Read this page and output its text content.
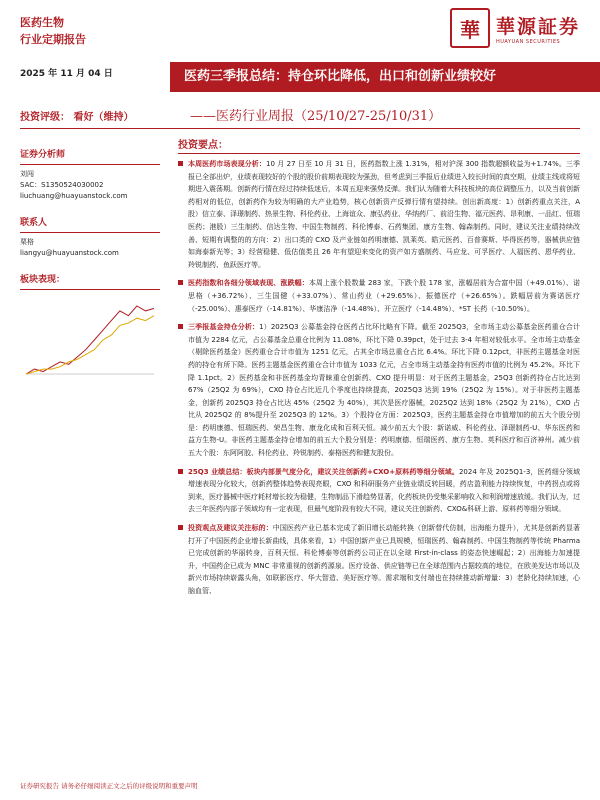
医药生物
行业定期报告	華 華源証券
HUAYUAN SECURITIES
2025 年 11 月 04 日	医药三季报总结：持仓环比降低，出口和创新业绩较好
投资评级： 看好（维持）	——医药行业周报（25/10/27-25/10/31）
证券分析师
刘闯
SAC：S1350524030002
liuchuang@huayuanstock.com
联系人
栗格
liangyu@huayuanstock.com
板块表现：
投资要点：
本周医药市场表现分析：10 月 27 日至 10 月 31 日，医药指数上涨 1.31%，相对沪深 300 指数超额收益为+1.74%。三季报已全部出炉，业绩表现较好的个股的股价前期表现较为强劲，但考虑到三季报后业绩进入较长时间的真空期，业绩主线或将短期进入震荡期。创新药行情在经过持续低迷后，本周五迎来强势反弹。我们认为随着大科技板块的高位调整压力，以及当前创新药相对的低位，创新药作为较为明确的大产业趋势，核心创新资产反弹行情有望持续。创出新高度：1）创新药重点关注，A 股）信立泰、泽璟制药、热景生物、科伦药业、上海谊众、康弘药业、华纳药厂、前沿生物、福元医药、昂利康、一品红、恒瑞医药；港股）三生制药、信达生物、中国生物制药、科伦博泰、石药集团、康方生物、翰森制药。同时，建议关注业绩持续改善、短期有调整的的方向：2）出口类的 CXO 及产业链如药明康德、凯莱英、皓元医药、百普赛斯、毕得医药等，器械供应链如海泰新光等；3）经营稳健、低估值类且 26 年有望迎来变化的资产如方盛制药、马应龙、可孚医疗、人福医药、恩华药业、羚锐制药、鱼跃医疗等。
医药指数和各细分领域表现、涨跌幅：本周上涨个股数量 283 家，下跌个股 178 家，涨幅居前为合富中国（+49.01%）、诺思格（+36.72%）、三生国健（+33.07%）、常山药业（+29.65%）、振德医疗（+26.65%）。跌幅居前为赛诺医疗（-25.00%）、惠泰医疗（-14.81%）、华康洁净（-14.48%）、开立医疗（-14.48%）、*ST 长药（-10.50%）。
三季报基金持仓分析：1）2025Q3 公募基金持仓医药占比环比略有下降。截至 2025Q3，全市场主动公募基金医药重仓合计市值为 2284 亿元，占公募基金总重仓比例为 11.08%，环比下降 0.39pct，处于过去 3-4 年相对较低水平。全市场主动基金（剔除医药基金）医药重仓合计市值为 1251 亿元，占其全市场总重仓占比 6.4%。环比下降 0.12pct，非医药主题基金对医药的持仓有所下降。医药主题基金医药重仓合计市值为 1033 亿元，占全市场主动基金持有医药市值的比例为 45.2%。环比下降 1.1pct。2）医药基金和非医药基金均青睐重仓创新药、CXO 提升明显：对于医药主题基金，25Q3 创新药持仓占比达到 67%（25Q2 为 69%），CXO 持仓占比近几个季度也持续提高，2025Q3 达到 19%（25Q2 为 15%）。对于非医药主题基金，创新药 2025Q3 持仓占比达 45%（25Q2 为 40%），其次是医疗器械，2025Q2 达到 18%（25Q2 为 21%），CXO 占比从 2025Q2 的 8%提升至 2025Q3 的 12%。3）个股持仓方面：2025Q3，医药主题基金持仓市值增加的前五大个股分别是：药明康德、恒瑞医药、荣昌生物、康龙化成和百利天恒。减少前五大个股：新诺威、科伦药业、泽璟制药-U、华东医药和益方生物-U。非医药主题基金持仓增加的前五大个股分别是：药明康德、恒瑞医药、康方生物、英科医疗和百济神州。减少前五大个股：东阿阿胶、科伦药业、羚锐制药、泰格医药和健友股份。
25Q3 业绩总结：板块内部景气度分化，建议关注创新药+CXO+原料药等细分领域。2024 年及 2025Q1-3，医药细分领域增速表现分化较大，创新药整体趋势表现亮眼，CXO 和科研服务产业链业绩反转回暖，药店盈利能力持续恢复，中药拐点或将到来，医疗器械中医疗耗材增长较为稳健，生物制品下滑趋势显著，化药板块仍受集采影响收入和利润增速放缓。我们认为，过去三年医药内部子领域均有一定表现，但最气度阶段有较大不同，建议关注创新药、CXO&科研上游、原料药等细分领域。
投资观点及建议关注标的：中国医药产业已基本完成了新旧增长动能转换（创新替代仿制，出海能力提升），尤其是创新药显著打开了中国医药企业增长新曲线，具体来看，1）中国创新产业已具规模，恒瑞医药、翰森制药、中国生物制药等传统 Pharma 已完成创新的华丽转身，百利天恒、科伦博泰等创新药公司正在以全球 First-in-class 的姿态快速崛起；2）出海能力加速提升，中国药企已成为 MNC 非常重视的创新药源泉。医疗设备、供应链等已在全球范围内占据较高的地位，在欧美发达市场以及新兴市场持续崭露头角，如联影医疗、华大智造、美好医疗等。需求端和支付端也在持续推动新增量：3）老龄化持续加速，心脑血管、
证券研究报告 请务必仔细阅读正文之后的评级说明和重要声明
